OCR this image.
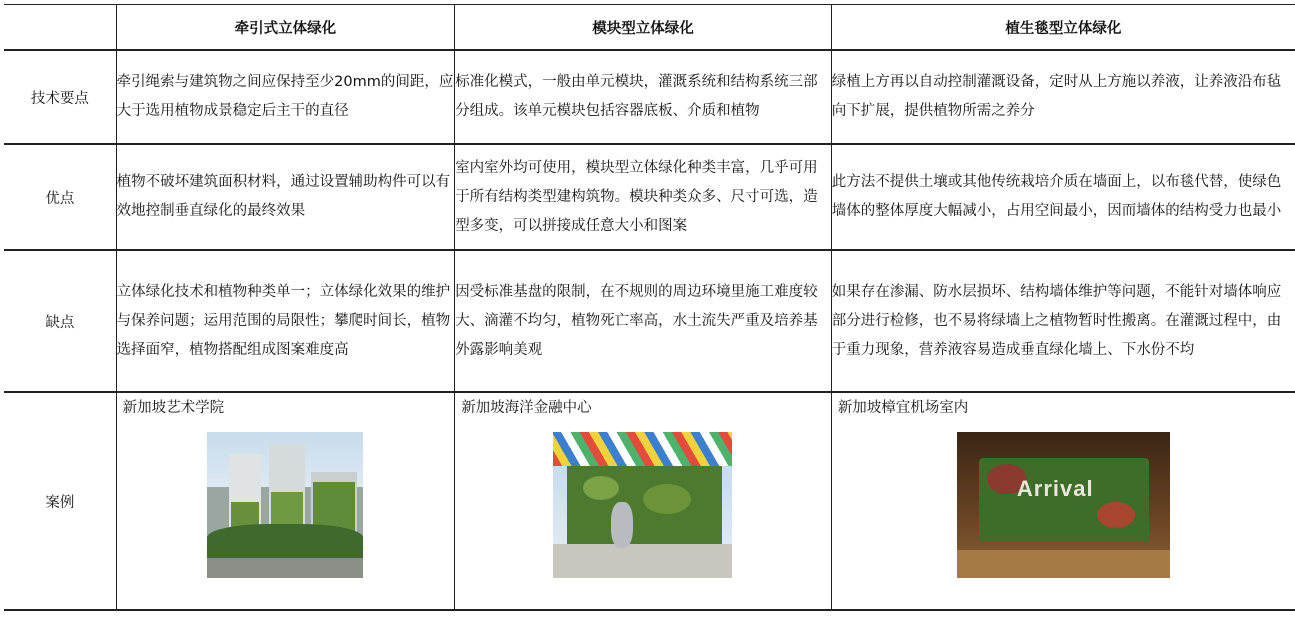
	牵引式立体绿化	模块型立体绿化	植生毯型立体绿化
技术要点	牵引绳索与建筑物之间应保持至少20mm的间距，应大于选用植物成景稳定后主干的直径	标准化模式，一般由单元模块，灌溉系统和结构系统三部分组成。该单元模块包括容器底板、介质和植物	绿植上方再以自动控制灌溉设备，定时从上方施以养液，让养液沿布毡向下扩展，提供植物所需之养分
优点	植物不破坏建筑面积材料，通过设置辅助构件可以有效地控制垂直绿化的最终效果	室内室外均可使用，模块型立体绿化种类丰富，几乎可用于所有结构类型建构筑物。模块种类众多、尺寸可选，造型多变，可以拼接成任意大小和图案	此方法不提供土壤或其他传统栽培介质在墙面上，以布毯代替，使绿色墙体的整体厚度大幅减小，占用空间最小，因而墙体的结构受力也最小
缺点	立体绿化技术和植物种类单一；立体绿化效果的维护与保养问题；运用范围的局限性；攀爬时间长，植物选择面窄，植物搭配组成图案难度高	因受标准基盘的限制，在不规则的周边环境里施工难度较大、滴灌不均匀，植物死亡率高，水土流失严重及培养基外露影响美观	如果存在渗漏、防水层损坏、结构墙体维护等问题，不能针对墙体响应部分进行检修，也不易将绿墙上之植物暂时性搬离。在灌溉过程中，由于重力现象，营养液容易造成垂直绿化墙上、下水份不均
案例	新加坡艺术学院	新加坡海洋金融中心	新加坡樟宜机场室内
Arrival
